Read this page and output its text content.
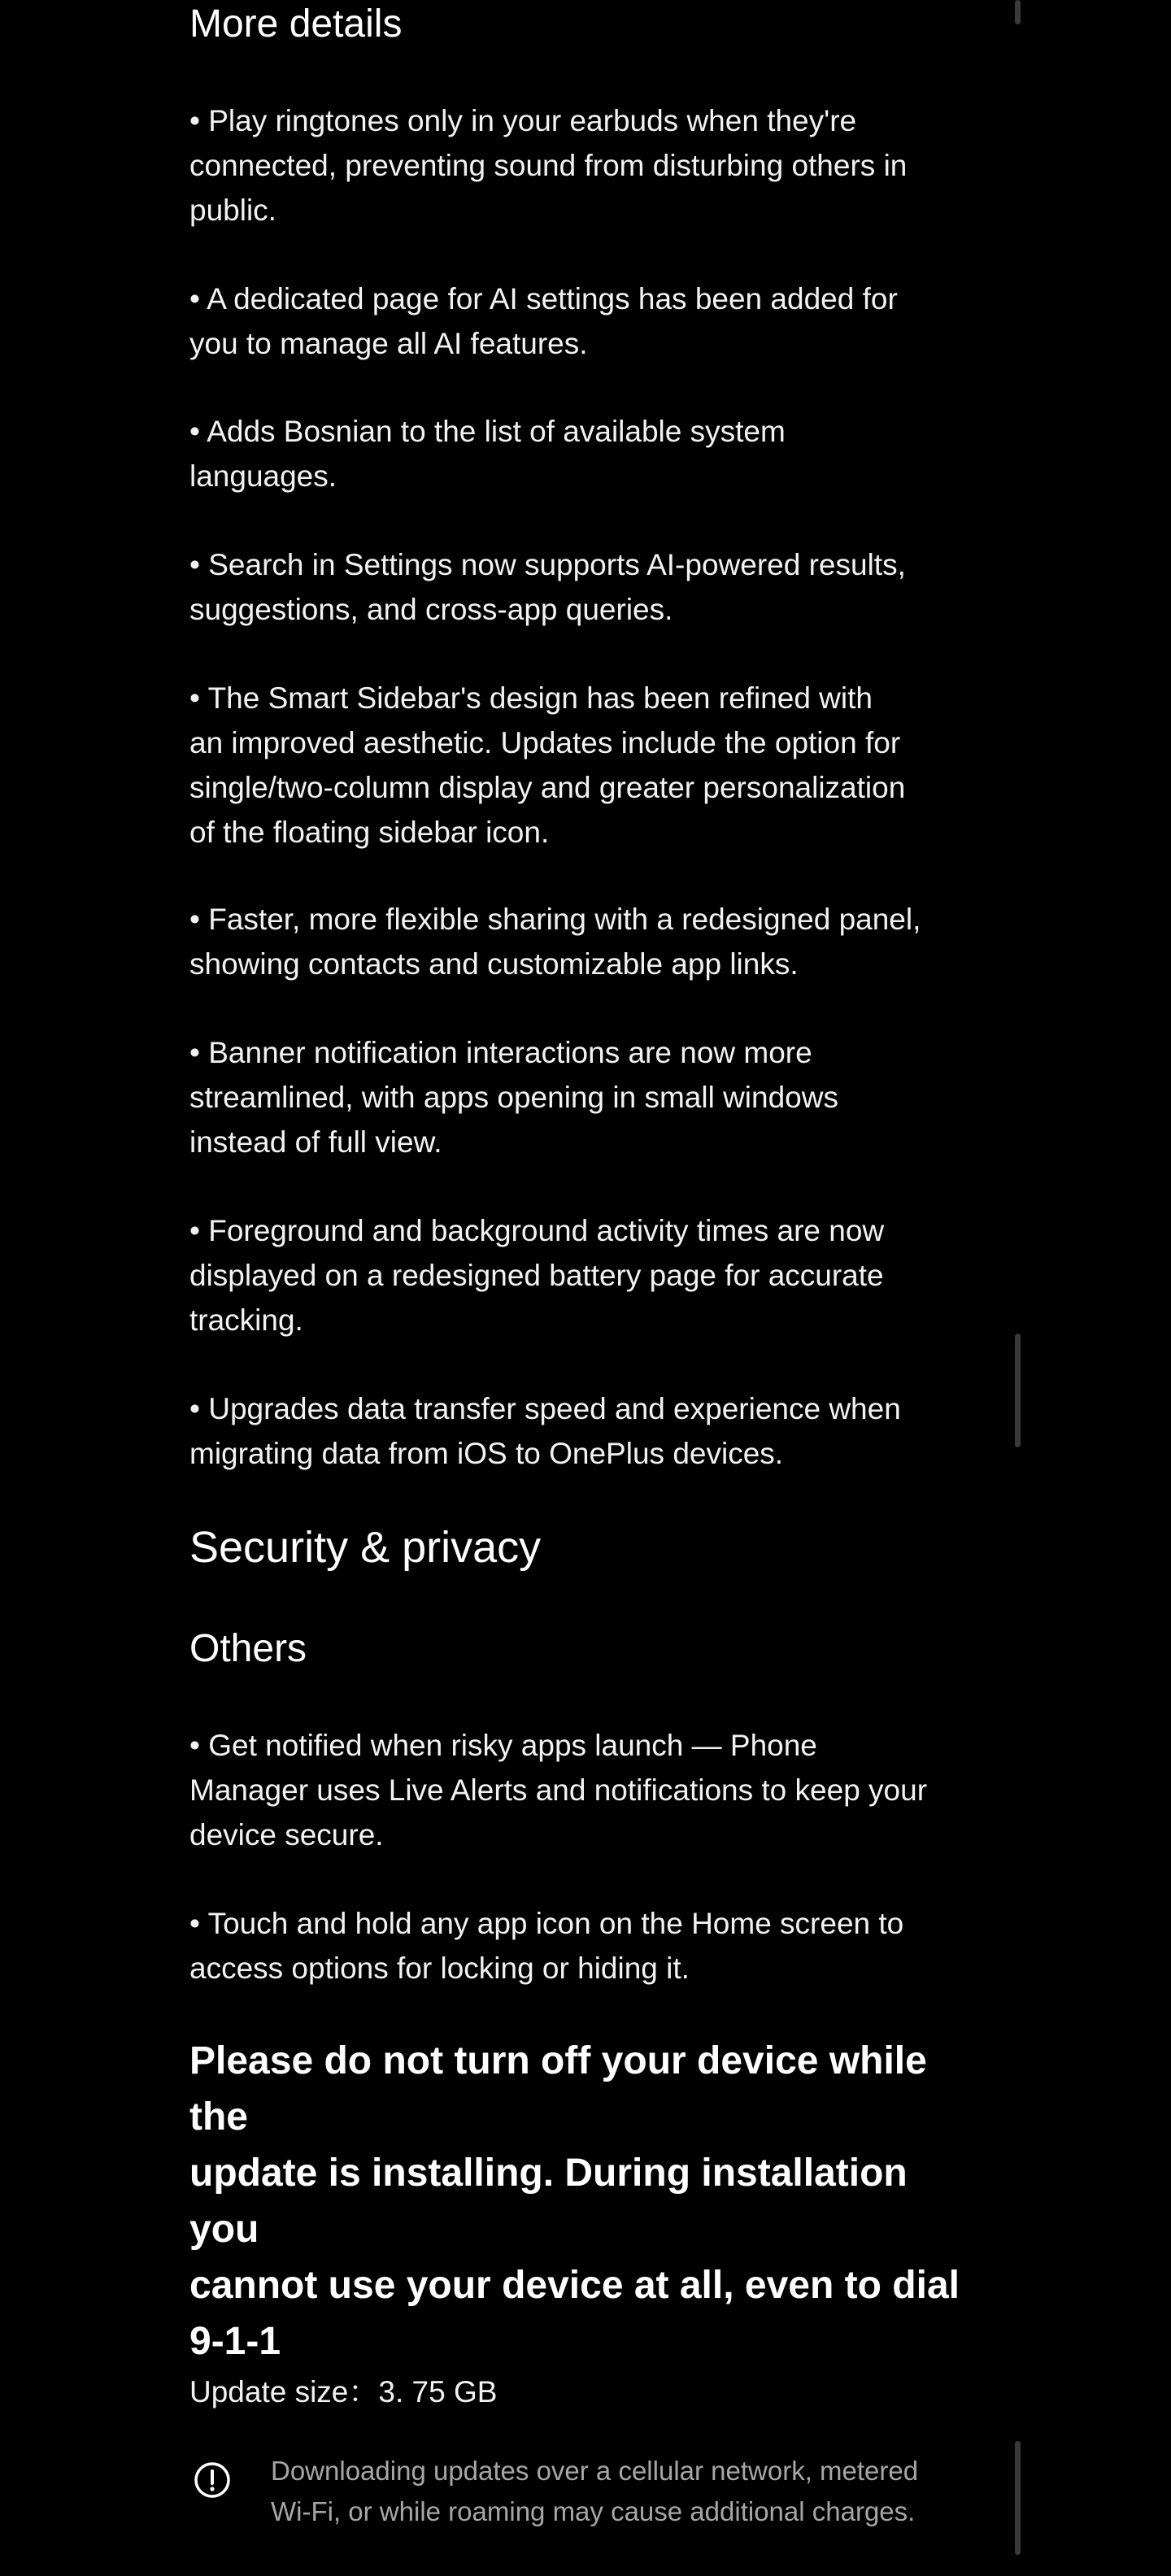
More details
• Play ringtones only in your earbuds when they're
connected, preventing sound from disturbing others in
public.
• A dedicated page for AI settings has been added for
you to manage all AI features.
• Adds Bosnian to the list of available system
languages.
• Search in Settings now supports AI-powered results,
suggestions, and cross-app queries.
• The Smart Sidebar's design has been refined with
an improved aesthetic. Updates include the option for
single/two-column display and greater personalization
of the floating sidebar icon.
• Faster, more flexible sharing with a redesigned panel,
showing contacts and customizable app links.
• Banner notification interactions are now more
streamlined, with apps opening in small windows
instead of full view.
• Foreground and background activity times are now
displayed on a redesigned battery page for accurate
tracking.
• Upgrades data transfer speed and experience when
migrating data from iOS to OnePlus devices.
Security & privacy
Others
• Get notified when risky apps launch — Phone
Manager uses Live Alerts and notifications to keep your
device secure.
• Touch and hold any app icon on the Home screen to
access options for locking or hiding it.
Please do not turn off your device while the
update is installing. During installation you
cannot use your device at all, even to dial
9-1-1
Update size：3. 75 GB
Downloading updates over a cellular network, metered
Wi-Fi, or while roaming may cause additional charges.
